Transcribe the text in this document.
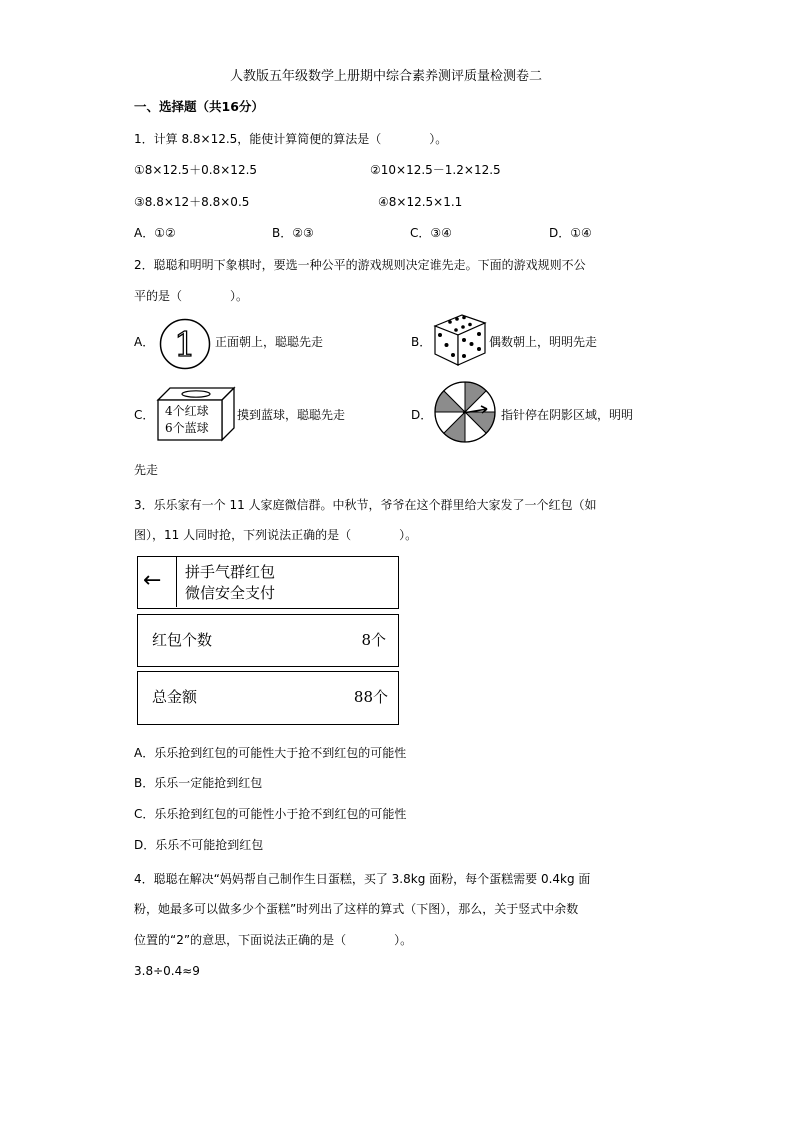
人教版五年级数学上册期中综合素养测评质量检测卷二
一、选择题（共16分）
1．计算 8.8×12.5，能使计算简便的算法是（　　　　）。
①8×12.5＋0.8×12.5	②10×12.5－1.2×12.5
③8.8×12＋8.8×0.5	④8×12.5×1.1
A．①②	B．②③	C．③④	D．①④
2．聪聪和明明下象棋时，要选一种公平的游戏规则决定谁先走。下面的游戏规则不公
平的是（　　　　）。
A． 1 正面朝上，聪聪先走	B．	偶数朝上，明明先走
C． 4个红球
6个蓝球
摸到蓝球，聪聪先走	D．	指针停在阴影区域，明明
先走
3．乐乐家有一个 11 人家庭微信群。中秋节，爷爷在这个群里给大家发了一个红包（如
图），11 人同时抢，下列说法正确的是（　　　　）。
← 拼手气群红包
微信安全支付
红包个数	8个
总金额	88个
A．乐乐抢到红包的可能性大于抢不到红包的可能性
B．乐乐一定能抢到红包
C．乐乐抢到红包的可能性小于抢不到红包的可能性
D．乐乐不可能抢到红包
4．聪聪在解决“妈妈帮自己制作生日蛋糕，买了 3.8kg 面粉，每个蛋糕需要 0.4kg 面
粉，她最多可以做多少个蛋糕”时列出了这样的算式（下图），那么，关于竖式中余数
位置的“2”的意思，下面说法正确的是（　　　　）。
3.8÷0.4≈9
